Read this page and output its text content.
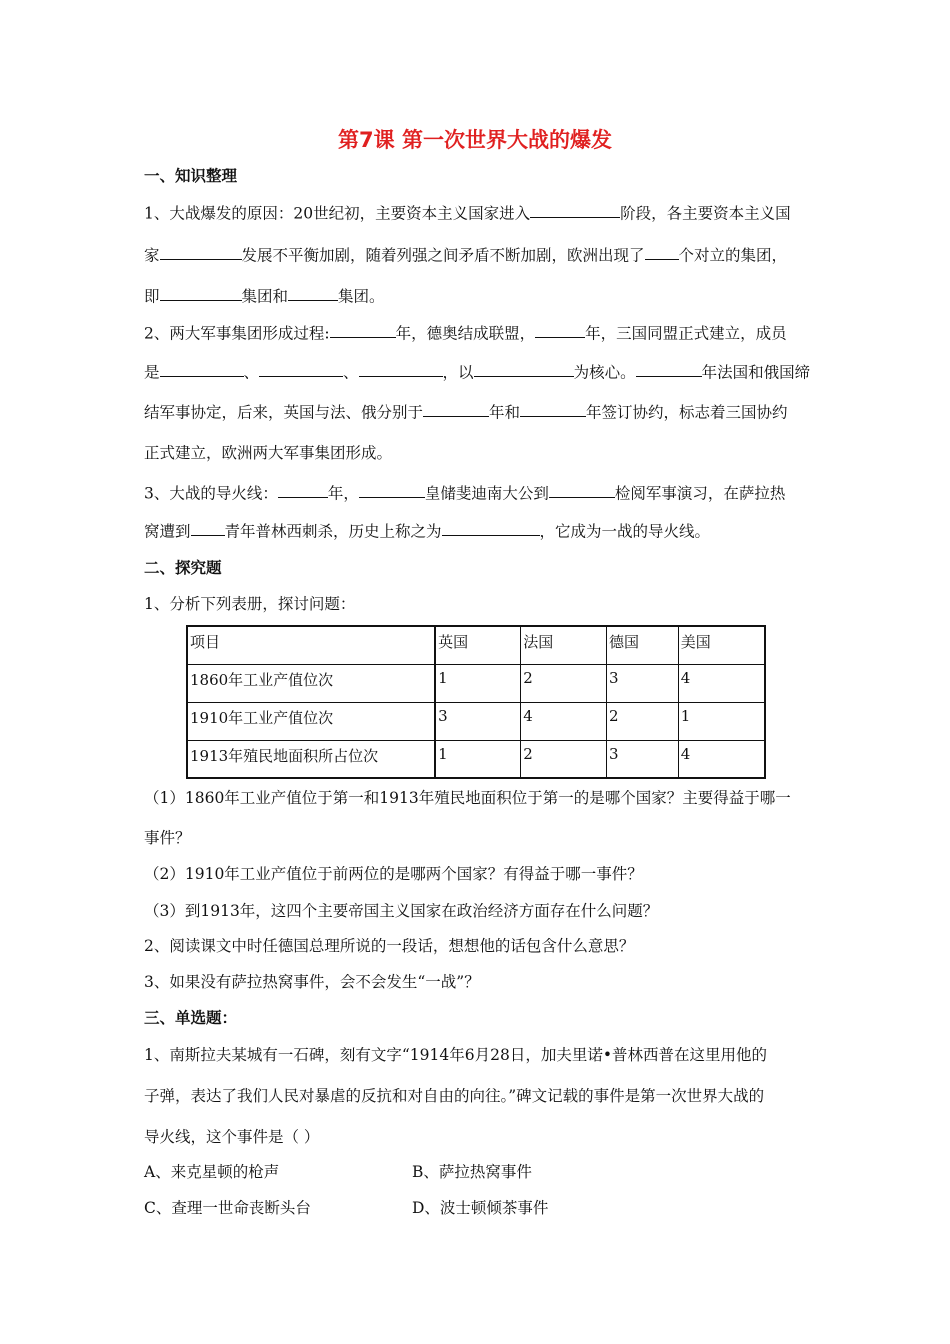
第7课 第一次世界大战的爆发
一、知识整理
1、大战爆发的原因：20世纪初，主要资本主义国家进入	阶段，各主要资本主义国
家	发展不平衡加剧，随着列强之间矛盾不断加剧，欧洲出现了 个对立的集团，
即	集团和	集团。
2、两大军事集团形成过程:	年，德奥结成联盟，	年，三国同盟正式建立，成员
是	、	、	，以	为核心。	年法国和俄国缔
结军事协定，后来，英国与法、俄分别于	年和	年签订协约，标志着三国协约
正式建立，欧洲两大军事集团形成。
3、大战的导火线：	年，	皇储斐迪南大公到	检阅军事演习，在萨拉热
窝遭到 青年普林西刺杀，历史上称之为	，它成为一战的导火线。
二、探究题
1、分析下列表册，探讨问题：
项目	英国	法国	德国	美国
1860年工业产值位次	1	2	3	4
1910年工业产值位次	3	4	2	1
1913年殖民地面积所占位次	1	2	3	4
（1）1860年工业产值位于第一和1913年殖民地面积位于第一的是哪个国家？主要得益于哪一
事件？
（2）1910年工业产值位于前两位的是哪两个国家？有得益于哪一事件？
（3）到1913年，这四个主要帝国主义国家在政治经济方面存在什么问题？
2、阅读课文中时任德国总理所说的一段话，想想他的话包含什么意思？
3、如果没有萨拉热窝事件，会不会发生“一战”？
三、单选题：
1、南斯拉夫某城有一石碑，刻有文字“1914年6月28日，加夫里诺•普林西普在这里用他的
子弹，表达了我们人民对暴虐的反抗和对自由的向往。”碑文记载的事件是第一次世界大战的
导火线，这个事件是（ ）
A、来克星顿的枪声	B、萨拉热窝事件
C、查理一世命丧断头台	D、波士顿倾茶事件
